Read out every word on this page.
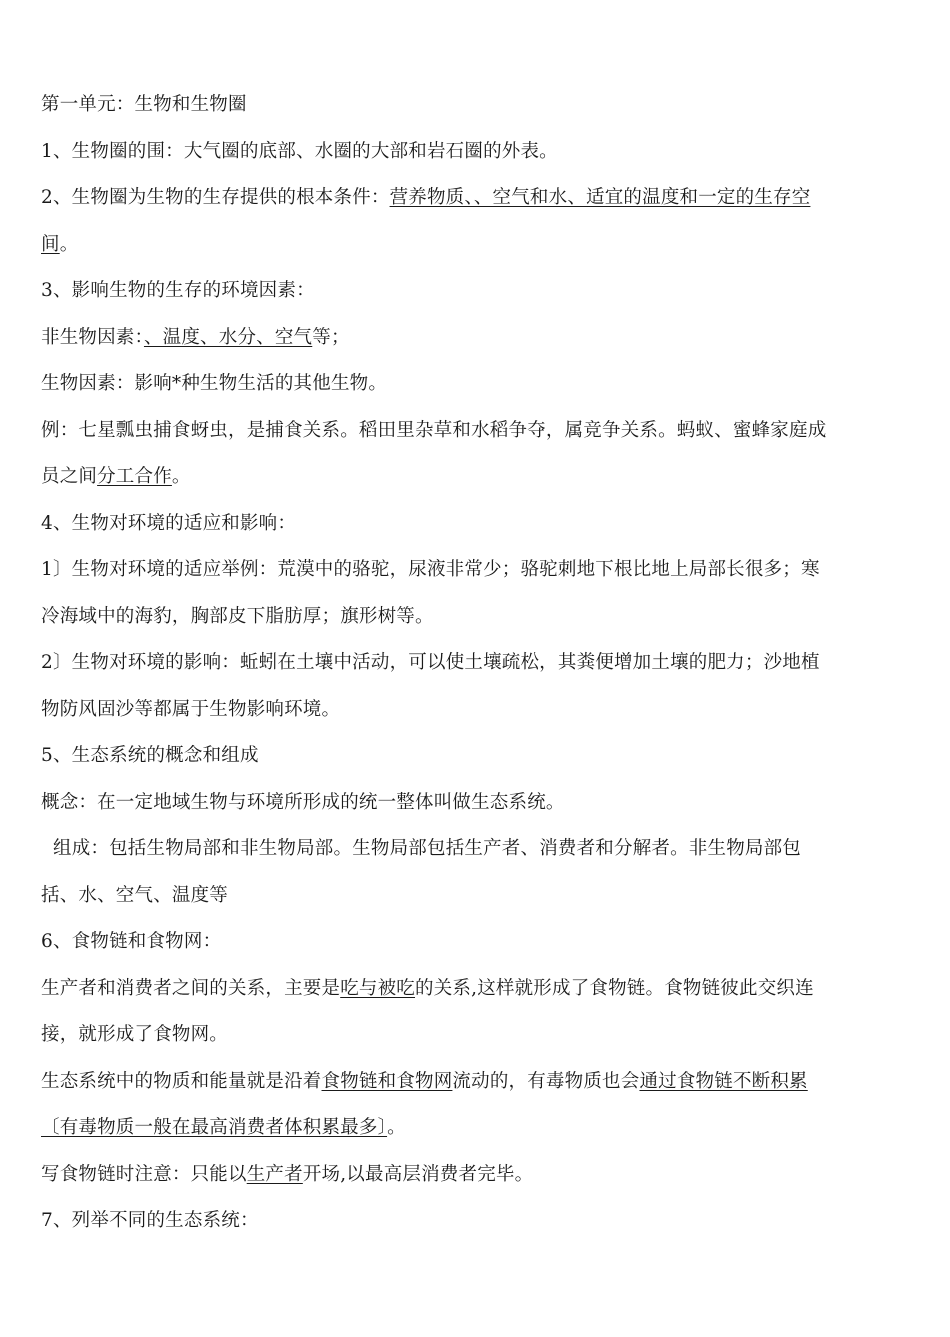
第一单元：生物和生物圈
1、生物圈的围：大气圈的底部、水圈的大部和岩石圈的外表。
2、生物圈为生物的生存提供的根本条件：营养物质、、空气和水、适宜的温度和一定的生存空
间。
3、影响生物的生存的环境因素：
非生物因素：、温度、水分、空气等；
生物因素：影响*种生物生活的其他生物。
例：七星瓢虫捕食蚜虫，是捕食关系。稻田里杂草和水稻争夺，属竞争关系。蚂蚁、蜜蜂家庭成
员之间分工合作。
4、生物对环境的适应和影响：
1〕生物对环境的适应举例：荒漠中的骆驼，尿液非常少；骆驼刺地下根比地上局部长很多；寒
冷海域中的海豹，胸部皮下脂肪厚；旗形树等。
2〕生物对环境的影响：蚯蚓在土壤中活动，可以使土壤疏松，其粪便增加土壤的肥力；沙地植
物防风固沙等都属于生物影响环境。
5、生态系统的概念和组成
概念：在一定地域生物与环境所形成的统一整体叫做生态系统。
组成：包括生物局部和非生物局部。生物局部包括生产者、消费者和分解者。非生物局部包
括、水、空气、温度等
6、食物链和食物网：
生产者和消费者之间的关系，主要是吃与被吃的关系,这样就形成了食物链。食物链彼此交织连
接，就形成了食物网。
生态系统中的物质和能量就是沿着食物链和食物网流动的，有毒物质也会通过食物链不断积累
〔有毒物质一般在最高消费者体积累最多〕。
写食物链时注意：只能以生产者开场,以最高层消费者完毕。
7、列举不同的生态系统：
